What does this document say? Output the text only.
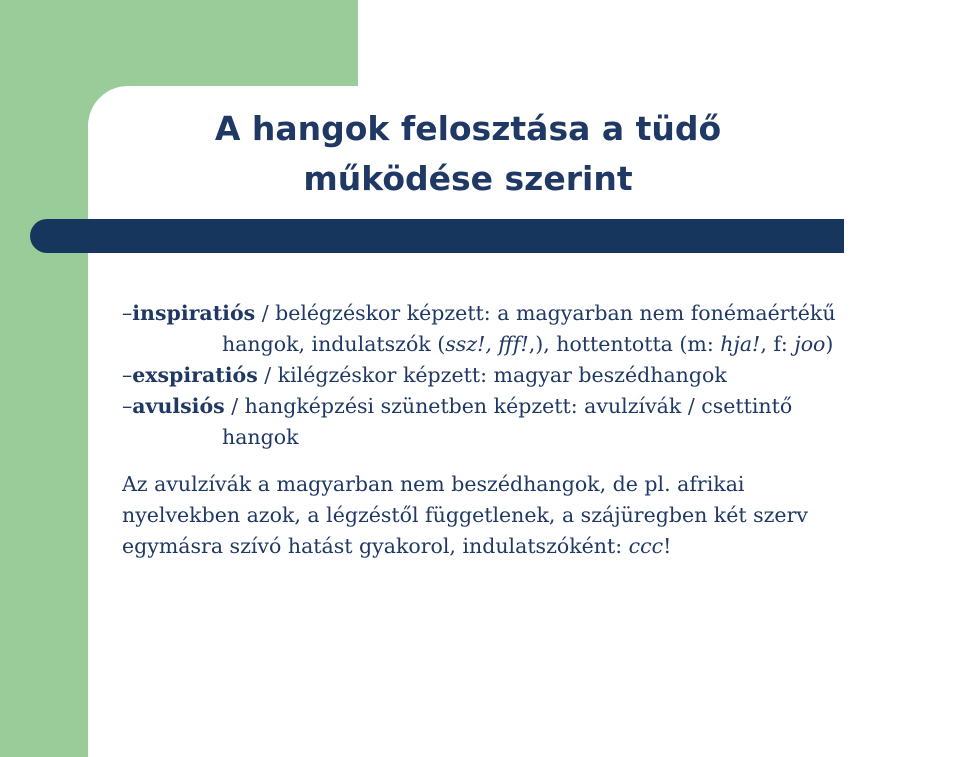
A hangok felosztása a tüdő
működése szerint
–inspiratiós / belégzéskor képzett: a magyarban nem fonémaértékű
hangok, indulatszók (ssz!, fff!,), hottentotta (m: hja!, f: joo)
–exspiratiós / kilégzéskor képzett: magyar beszédhangok
–avulsiós / hangképzési szünetben képzett: avulzívák / csettintő
hangok
Az avulzívák a magyarban nem beszédhangok, de pl. afrikai
nyelvekben azok, a légzéstől függetlenek, a szájüregben két szerv
egymásra szívó hatást gyakorol, indulatszóként: ccc!
